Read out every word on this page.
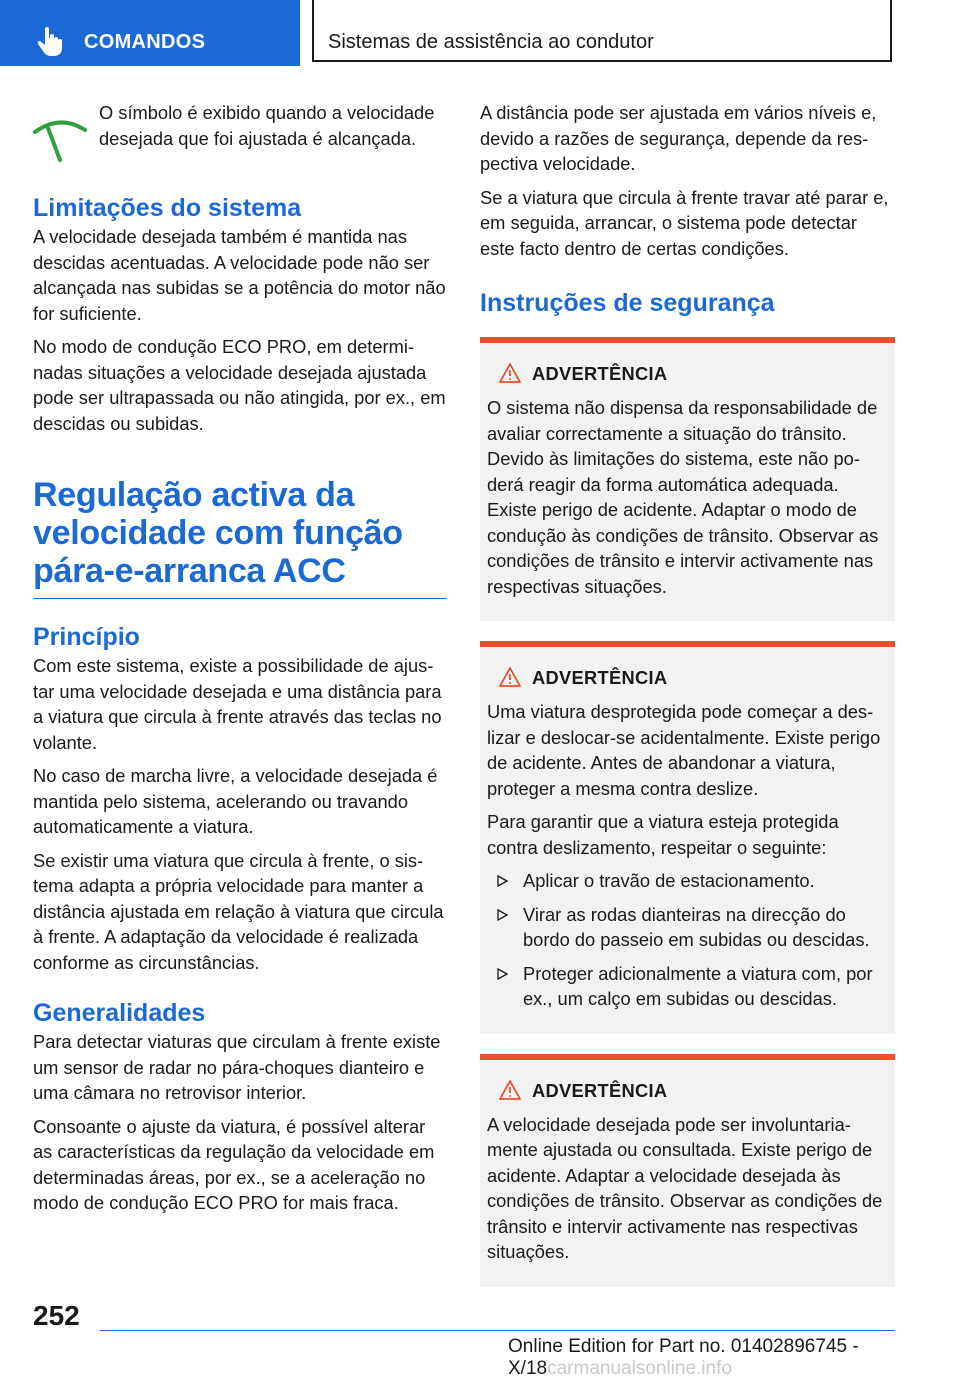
COMANDOS	Sistemas de assistência ao condutor

O símbolo é exibido quando a velocidade desejada que foi ajustada é alcançada.

Limitações do sistema

A velocidade desejada também é mantida nas descidas acentuadas. A velocidade pode não ser alcançada nas subidas se a potência do motor não for suficiente.

No modo de condução ECO PRO, em determinadas situações a velocidade desejada ajustada pode ser ultrapassada ou não atingida, por ex., em descidas ou subidas.

Regulação activa da velocidade com função pára-e-arranca ACC
Princípio

Com este sistema, existe a possibilidade de ajustar uma velocidade desejada e uma distância para a viatura que circula à frente através das teclas no volante.

No caso de marcha livre, a velocidade desejada é mantida pelo sistema, acelerando ou travando automaticamente a viatura.

Se existir uma viatura que circula à frente, o sistema adapta a própria velocidade para manter a distância ajustada em relação à viatura que circula à frente. A adaptação da velocidade é realizada conforme as circunstâncias.

Generalidades

Para detectar viaturas que circulam à frente existe um sensor de radar no pára-choques dianteiro e uma câmara no retrovisor interior.

Consoante o ajuste da viatura, é possível alterar as características da regulação da velocidade em determinadas áreas, por ex., se a aceleração no modo de condução ECO PRO for mais fraca.

A distância pode ser ajustada em vários níveis e, devido a razões de segurança, depende da respectiva velocidade.

Se a viatura que circula à frente travar até parar e, em seguida, arrancar, o sistema pode detectar este facto dentro de certas condições.

Instruções de segurança
ADVERTÊNCIA

O sistema não dispensa da responsabilidade de avaliar correctamente a situação do trânsito. Devido às limitações do sistema, este não poderá reagir da forma automática adequada. Existe perigo de acidente. Adaptar o modo de condução às condições de trânsito. Observar as condições de trânsito e intervir activamente nas respectivas situações.

ADVERTÊNCIA

Uma viatura desprotegida pode começar a deslizar e deslocar-se acidentalmente. Existe perigo de acidente. Antes de abandonar a viatura, proteger a mesma contra deslize.

Para garantir que a viatura esteja protegida contra deslizamento, respeitar o seguinte:

Aplicar o travão de estacionamento.
Virar as rodas dianteiras na direcção do bordo do passeio em subidas ou descidas.
Proteger adicionalmente a viatura com, por ex., um calço em subidas ou descidas.
ADVERTÊNCIA

A velocidade desejada pode ser involuntariamente ajustada ou consultada. Existe perigo de acidente. Adaptar a velocidade desejada às condições de trânsito. Observar as condições de trânsito e intervir activamente nas respectivas situações.

252
Online Edition for Part no. 01402896745 - X/18carmanualsonline.info
